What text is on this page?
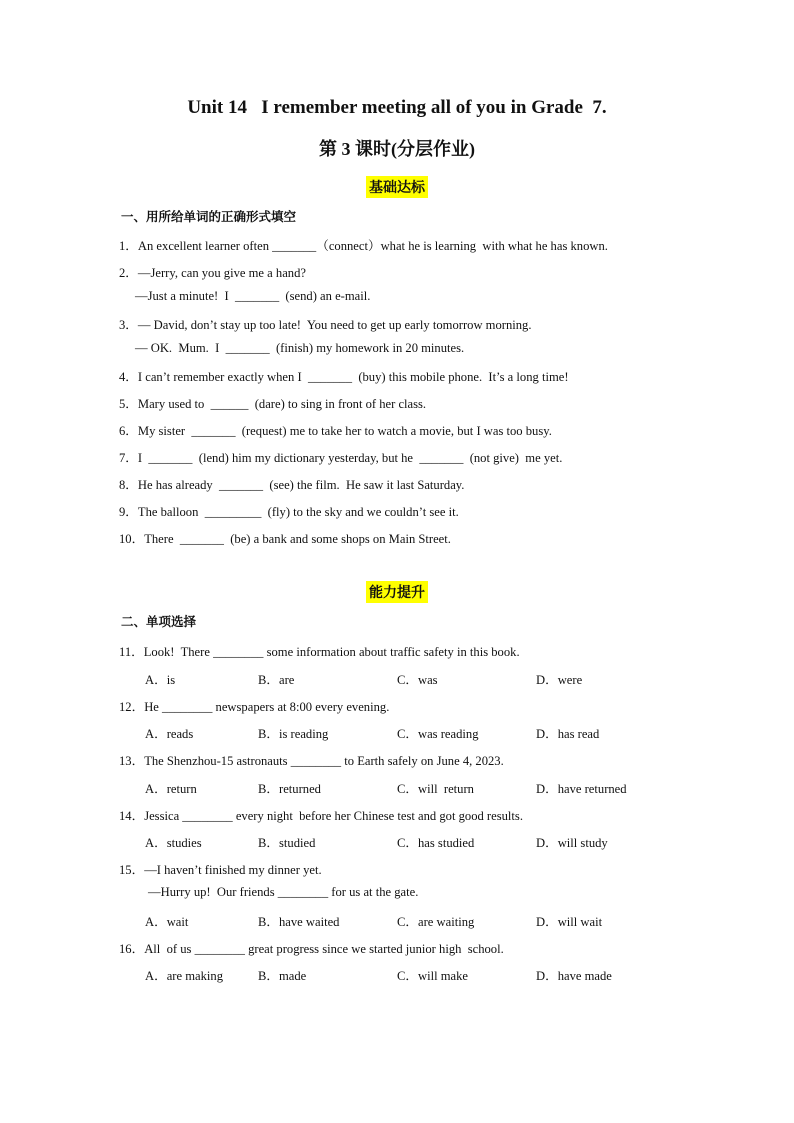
Unit 14   I remember meeting all of you in Grade  7.
第 3 课时(分层作业)
基础达标
一、用所给单词的正确形式填空
1．An excellent learner often _______（connect）what he is learning  with what he has known.
2．—Jerry, can you give me a hand?
—Just a minute!  I  _______  (send) an e-mail.
3．— David, don’t stay up too late!  You need to get up early tomorrow morning.
— OK.  Mum.  I  _______  (finish) my homework in 20 minutes.
4．I can’t remember exactly when I  _______  (buy) this mobile phone.  It’s a long time!
5．Mary used to  ______  (dare) to sing in front of her class.
6．My sister  _______  (request) me to take her to watch a movie, but I was too busy.
7．I  _______  (lend) him my dictionary yesterday, but he  _______  (not give)  me yet.
8．He has already  _______  (see) the film.  He saw it last Saturday.
9．The balloon  _________  (fly) to the sky and we couldn’t see it.
10．There  _______  (be) a bank and some shops on Main Street.
能力提升
二、单项选择
11．Look!  There ________ some information about traffic safety in this book.
A．is	B．are	C．was	D．were
12．He ________ newspapers at 8:00 every evening.
A．reads	B．is reading	C．was reading	D．has read
13．The Shenzhou-15 astronauts ________ to Earth safely on June 4, 2023.
A．return	B．returned	C．will  return	D．have returned
14．Jessica ________ every night  before her Chinese test and got good results.
A．studies	B．studied	C．has studied	D．will study
15．—I haven’t finished my dinner yet.
—Hurry up!  Our friends ________ for us at the gate.
A．wait	B．have waited	C．are waiting	D．will wait
16．All  of us ________ great progress since we started junior high  school.
A．are making	B．made	C．will make	D．have made
